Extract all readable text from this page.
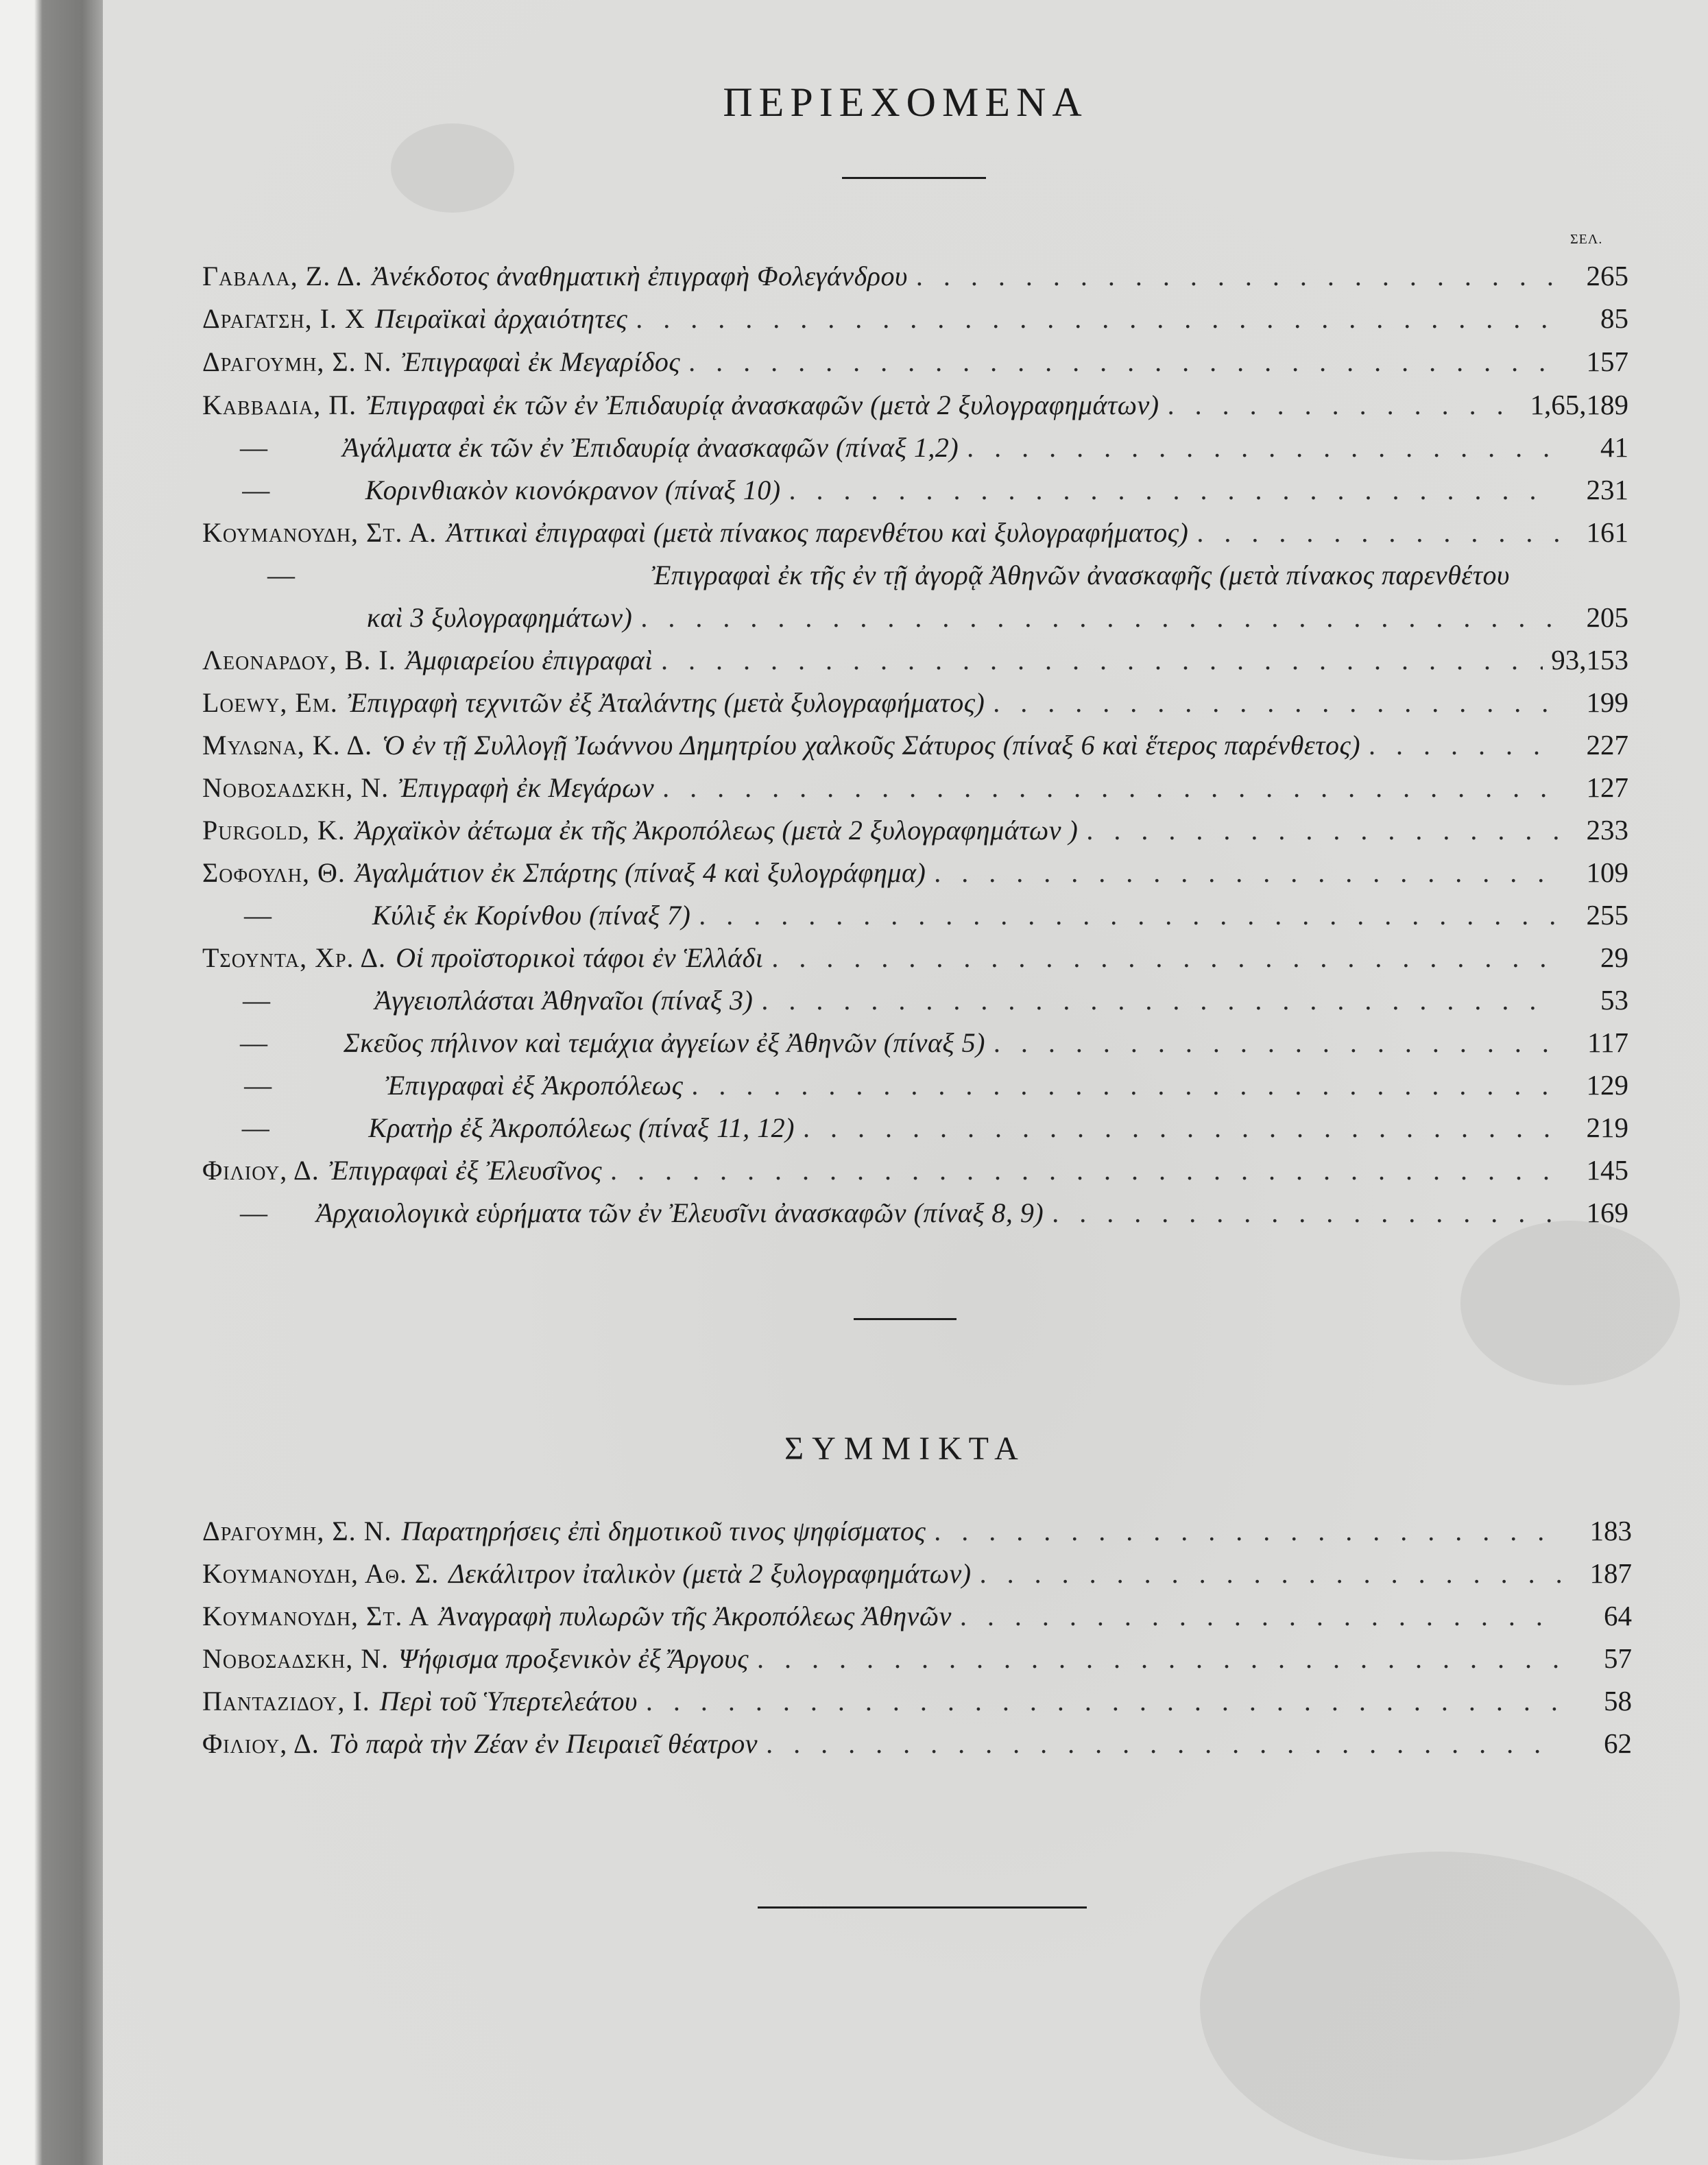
ΠΕΡΙΕΧΟΜΕΝΑ
ΣΕΛ.
Γαβαλα, Ζ. Δ. Ἀνέκδοτος ἀναθηματικὴ ἐπιγραφὴ Φολεγάνδρου . . .	265
Δραγατση, Ι. Χ Πειραϊκαὶ ἀρχαιότητες . . .	85
Δραγουμη, Σ. Ν. Ἐπιγραφαὶ ἐκ Μεγαρίδος . . .	157
Καββαδια, Π. Ἐπιγραφαὶ ἐκ τῶν ἐν Ἐπιδαυρίᾳ ἀνασκαφῶν (μετὰ 2 ξυλογραφημάτων) . . .	1,65,189
—	Ἀγάλματα ἐκ τῶν ἐν Ἐπιδαυρίᾳ ἀνασκαφῶν (πίναξ 1,2) . . .	41
—	Κορινθιακὸν κιονόκρανον (πίναξ 10) . . .	231
Κουμανουδη, Στ. Α. Ἀττικαὶ ἐπιγραφαὶ (μετὰ πίνακος παρενθέτου καὶ ξυλογραφήματος) . . .	161
—	Ἐπιγραφαὶ ἐκ τῆς ἐν τῇ ἀγορᾷ Ἀθηνῶν ἀνασκαφῆς (μετὰ πίνακος παρενθέτου
καὶ 3 ξυλογραφημάτων) . . .	205
Λεοναρδου, Β. Ι. Ἀμφιαρείου ἐπιγραφαὶ . . .	93,153
Loewy, Εμ. Ἐπιγραφὴ τεχνιτῶν ἐξ Ἀταλάντης (μετὰ ξυλογραφήματος) . . .	199
Μυλωνα, Κ. Δ. Ὁ ἐν τῇ Συλλογῇ Ἰωάννου Δημητρίου χαλκοῦς Σάτυρος (πίναξ 6 καὶ ἕτερος παρένθετος) . . .	227
Νοβοσαδσκη, Ν. Ἐπιγραφὴ ἐκ Μεγάρων . . .	127
Purgold, Κ. Ἀρχαϊκὸν ἀέτωμα ἐκ τῆς Ἀκροπόλεως (μετὰ 2 ξυλογραφημάτων ) . . .	233
Σοφουλη, Θ. Ἀγαλμάτιον ἐκ Σπάρτης (πίναξ 4 καὶ ξυλογράφημα) . . .	109
—	Κύλιξ ἐκ Κορίνθου (πίναξ 7) . . .	255
Τσουντα, Χρ. Δ. Οἱ προϊστορικοὶ τάφοι ἐν Ἑλλάδι . . .	29
—	Ἀγγειοπλάσται Ἀθηναῖοι (πίναξ 3) . . .	53
—	Σκεῦος πήλινον καὶ τεμάχια ἀγγείων ἐξ Ἀθηνῶν (πίναξ 5) . . .	117
—	Ἐπιγραφαὶ ἐξ Ἀκροπόλεως . . .	129
—	Κρατὴρ ἐξ Ἀκροπόλεως (πίναξ 11, 12) . . .	219
Φιλιου, Δ. Ἐπιγραφαὶ ἐξ Ἐλευσῖνος . . .	145
— Ἀρχαιολογικὰ εὑρήματα τῶν ἐν Ἐλευσῖνι ἀνασκαφῶν (πίναξ 8, 9) . . .	169
ΣΥΜΜΙΚΤΑ
Δραγουμη, Σ. Ν. Παρατηρήσεις ἐπὶ δημοτικοῦ τινος ψηφίσματος . . .	183
Κουμανουδη, Αθ. Σ. Δεκάλιτρον ἰταλικὸν (μετὰ 2 ξυλογραφημάτων) . . .	187
Κουμανουδη, Στ. Α Ἀναγραφὴ πυλωρῶν τῆς Ἀκροπόλεως Ἀθηνῶν . . .	64
Νοβοσαδσκη, Ν. Ψήφισμα προξενικὸν ἐξ Ἄργους . . .	57
Πανταζιδου, Ι. Περὶ τοῦ Ὑπερτελεάτου . . .	58
Φιλιου, Δ. Τὸ παρὰ τὴν Ζέαν ἐν Πειραιεῖ θέατρον . . .	62
